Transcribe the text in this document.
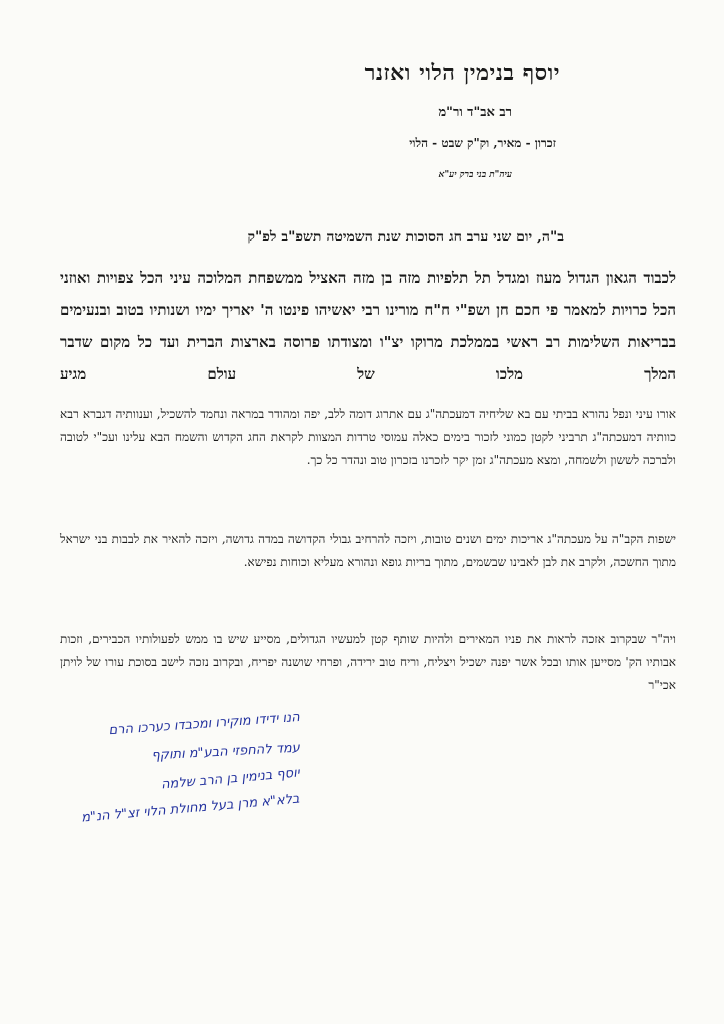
יוסף בנימין הלוי ואזנר
רב אב"ד ור"מ
זכרון - מאיר, וק"ק שבט - הלוי
עיה"ת בני ברק יע"א
ב"ה, יום שני ערב חג הסוכות שנת השמיטה תשפ"ב לפ"ק
לכבוד הגאון הגדול מעוז ומגדל תל תלפיות מזה בן מזה האציל ממשפחת המלוכה עיני הכל צפויות ואוזני הכל כרויות למאמר פי חכם חן ושפ"י ח"ח מורינו רבי יאשיהו פינטו ה' יאריך ימיו ושנותיו בטוב ובנעימים בבריאות השלימות רב ראשי בממלכת מרוקו יצ"ו ומצודתו פרוסה בארצות הברית ועד כל מקום שדבר המלך מלכו של עולם מגיע
אורו עיני ונפל נהורא בביתי עם בא שליחיה דמעכתה"ג עם אתרוג דומה ללב, יפה ומהודר במראה ונחמד להשכיל, וענוותיה דגברא רבא כוותיה דמעכתה"ג תרביני לקטן כמוני לזכור בימים כאלה עמוסי טרדות המצוות לקראת החג הקדוש והשמח הבא עלינו ועכ"י לטובה ולברכה לששון ולשמחה, ומצא מעכתה"ג זמן יקר לזכרנו בזכרון טוב ונהדר כל כך.
ישפות הקב"ה על מעכתה"ג אריכות ימים ושנים טובות, ויזכה להרחיב גבולי הקדושה במדה גדושה, ויזכה להאיר את לבבות בני ישראל מתוך החשכה, ולקרב את לבן לאבינו שבשמים, מתוך בריות גופא ונהורא מעליא וכוחות נפישא.
ויה"ר שבקרוב אזכה לראות את פניו המאירים ולהיות שותף קטן למעשיו הגדולים, מסייע שיש בו ממש לפעולותיו הכבירים, וזכות אבותיו הק' מסייען אותו ובכל אשר יפנה ישכיל ויצליח, וריח טוב ירידה, ופרחי שושנה יפריח, ובקרוב נזכה לישב בסוכת עורו של לויתן אכי"ר
הנו ידידו מוקירו ומכבדו כערכו הרם
עמד להחפזי הבע"מ ותוקף
יוסף בנימין בן הרב שלמה
בלא"א מרן בעל מחולת הלוי זצ"ל הנ"מ
